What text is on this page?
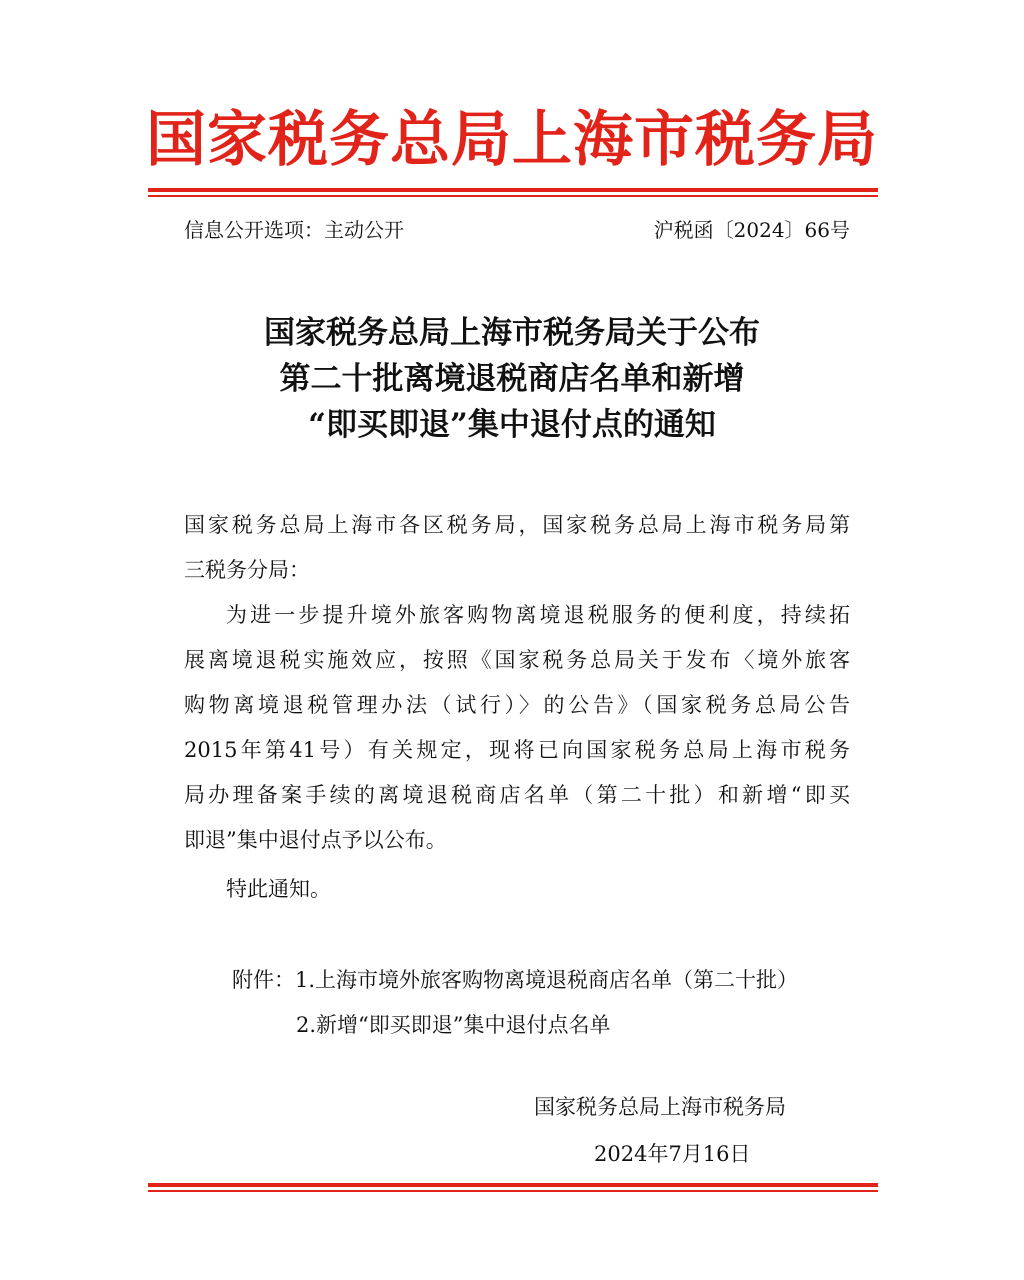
国家税务总局上海市税务局
信息公开选项：主动公开	沪税函〔2024〕66号
国家税务总局上海市税务局关于公布
第二十批离境退税商店名单和新增
“即买即退”集中退付点的通知
国家税务总局上海市各区税务局，国家税务总局上海市税务局第
三税务分局：
为进一步提升境外旅客购物离境退税服务的便利度，持续拓
展离境退税实施效应，按照《国家税务总局关于发布〈境外旅客
购物离境退税管理办法（试行）〉的公告》（国家税务总局公告
2015年第41号）有关规定，现将已向国家税务总局上海市税务
局办理备案手续的离境退税商店名单（第二十批）和新增“即买
即退”集中退付点予以公布。
特此通知。
附件：1.上海市境外旅客购物离境退税商店名单（第二十批）
2.新增“即买即退”集中退付点名单
国家税务总局上海市税务局
2024年7月16日
